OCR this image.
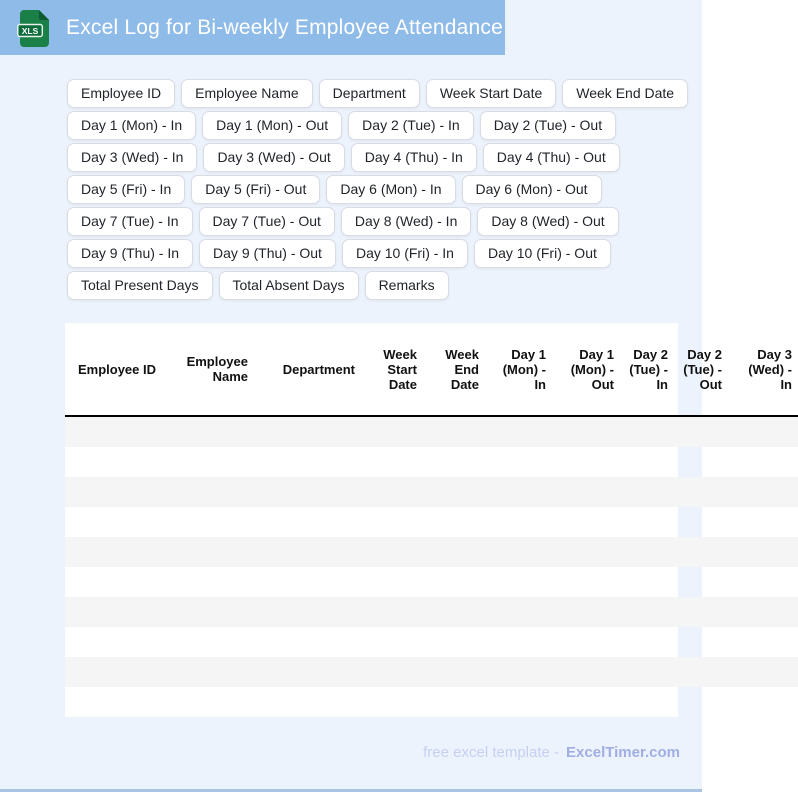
XLS Excel Log for Bi-weekly Employee Attendance
Employee ID	Employee Name	Department	Week Start Date	Week End Date
Day 1 (Mon) - In	Day 1 (Mon) - Out	Day 2 (Tue) - In	Day 2 (Tue) - Out
Day 3 (Wed) - In	Day 3 (Wed) - Out	Day 4 (Thu) - In	Day 4 (Thu) - Out
Day 5 (Fri) - In	Day 5 (Fri) - Out	Day 6 (Mon) - In	Day 6 (Mon) - Out
Day 7 (Tue) - In	Day 7 (Tue) - Out	Day 8 (Wed) - In	Day 8 (Wed) - Out
Day 9 (Thu) - In	Day 9 (Thu) - Out	Day 10 (Fri) - In	Day 10 (Fri) - Out
Total Present Days	Total Absent Days	Remarks
Employee ID	Employee Name	Department	Week Start Date	Week End Date	Day 1 (Mon) - In	Day 1 (Mon) - Out	Day 2 (Tue) - In	Day 2 (Tue) - Out	Day 3 (Wed) - In

free excel template - ExcelTimer.com
